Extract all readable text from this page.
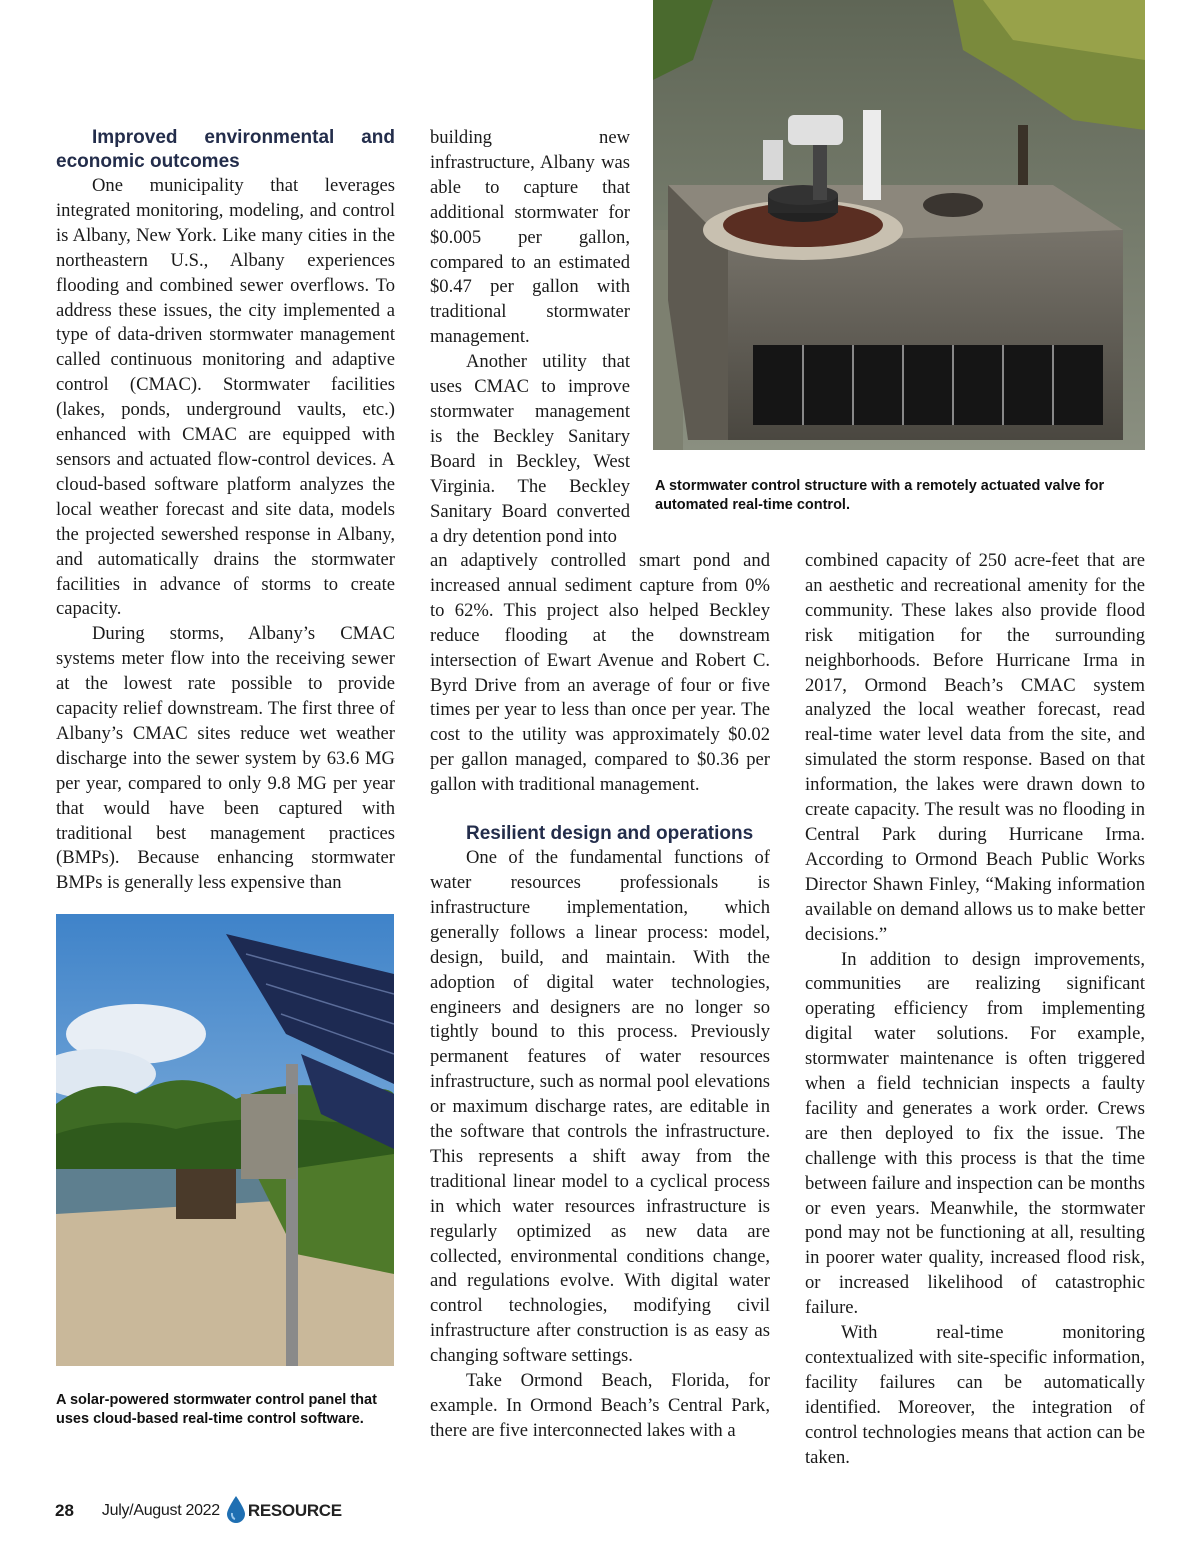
A stormwater control structure with a remotely actuated valve for automated real-time control.

Improved environmental and economic outcomes

One municipality that leverages integrated monitoring, modeling, and control is Albany, New York. Like many cities in the northeastern U.S., Albany experiences flooding and combined sewer overflows. To address these issues, the city implemented a type of data-driven stormwater management called continuous monitoring and adaptive control (CMAC). Stormwater facilities (lakes, ponds, underground vaults, etc.) enhanced with CMAC are equipped with sensors and actuated flow-control devices. A cloud-based software platform analyzes the local weather forecast and site data, models the projected sewershed response in Albany, and automatically drains the stormwater facilities in advance of storms to create capacity.

During storms, Albany’s CMAC systems meter flow into the receiving sewer at the lowest rate possible to provide capacity relief downstream. The first three of Albany’s CMAC sites reduce wet weather discharge into the sewer system by 63.6 MG per year, compared to only 9.8 MG per year that would have been captured with traditional best management practices (BMPs). Because enhancing stormwater BMPs is generally less expensive than

A solar-powered stormwater control panel that uses cloud-based real-time control software.

building new infrastructure, Albany was able to capture that additional stormwater for $0.005 per gallon, compared to an estimated $0.47 per gallon with traditional stormwater management.

Another utility that uses CMAC to improve stormwater management is the Beckley Sanitary Board in Beckley, West Virginia. The Beckley Sanitary Board converted a dry detention pond into

an adaptively controlled smart pond and increased annual sediment capture from 0% to 62%. This project also helped Beckley reduce flooding at the downstream intersection of Ewart Avenue and Robert C. Byrd Drive from an average of four or five times per year to less than once per year. The cost to the utility was approximately $0.02 per gallon managed, compared to $0.36 per gallon with traditional management.

Resilient design and operations

One of the fundamental functions of water resources professionals is infrastructure implementation, which generally follows a linear process: model, design, build, and maintain. With the adoption of digital water technologies, engineers and designers are no longer so tightly bound to this process. Previously permanent features of water resources infrastructure, such as normal pool elevations or maximum discharge rates, are editable in the software that controls the infrastructure. This represents a shift away from the traditional linear model to a cyclical process in which water resources infrastructure is regularly optimized as new data are collected, environmental conditions change, and regulations evolve. With digital water control technologies, modifying civil infrastructure after construction is as easy as changing software settings.

Take Ormond Beach, Florida, for example. In Ormond Beach’s Central Park, there are five interconnected lakes with a

combined capacity of 250 acre-feet that are an aesthetic and recreational amenity for the community. These lakes also provide flood risk mitigation for the surrounding neighborhoods. Before Hurricane Irma in 2017, Ormond Beach’s CMAC system analyzed the local weather forecast, read real-time water level data from the site, and simulated the storm response. Based on that information, the lakes were drawn down to create capacity. The result was no flooding in Central Park during Hurricane Irma. According to Ormond Beach Public Works Director Shawn Finley, “Making information available on demand allows us to make better decisions.”

In addition to design improvements, communities are realizing significant operating efficiency from implementing digital water solutions. For example, stormwater maintenance is often triggered when a field technician inspects a faulty facility and generates a work order. Crews are then deployed to fix the issue. The challenge with this process is that the time between failure and inspection can be months or even years. Meanwhile, the stormwater pond may not be functioning at all, resulting in poorer water quality, increased flood risk, or increased likelihood of catastrophic failure.

With real-time monitoring contextualized with site-specific information, facility failures can be automatically identified. Moreover, the integration of control technologies means that action can be taken.

28 July/August 2022 RESOURCE
